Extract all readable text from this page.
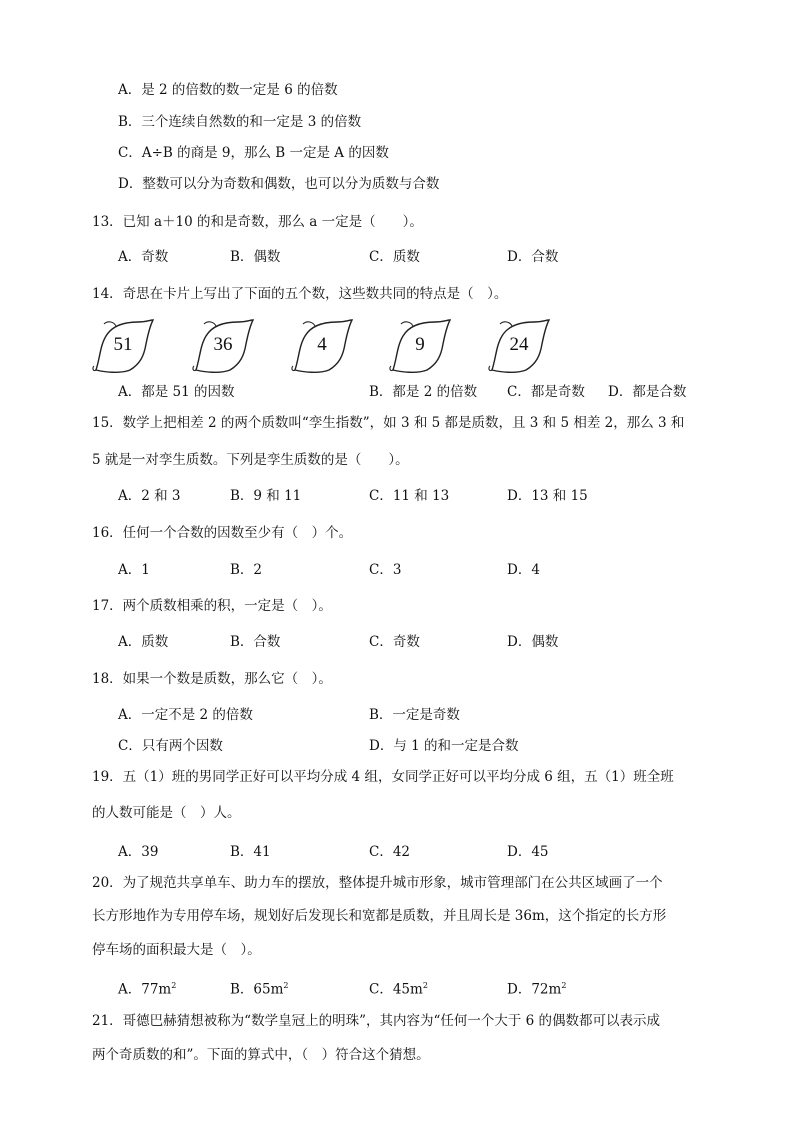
A．是 2 的倍数的数一定是 6 的倍数
B．三个连续自然数的和一定是 3 的倍数
C．A÷B 的商是 9，那么 B 一定是 A 的因数
D．整数可以分为奇数和偶数，也可以分为质数与合数
13．已知 a＋10 的和是奇数，那么 a 一定是（　　）。
A．奇数	B．偶数	C．质数	D．合数
14．奇思在卡片上写出了下面的五个数，这些数共同的特点是（　）。
51	36	4	9	24
A．都是 51 的因数	B．都是 2 的倍数 C．都是奇数 D．都是合数
15．数学上把相差 2 的两个质数叫“孪生指数”，如 3 和 5 都是质数，且 3 和 5 相差 2，那么 3 和
5 就是一对孪生质数。下列是孪生质数的是（　　）。
A．2 和 3	B．9 和 11	C．11 和 13	D．13 和 15
16．任何一个合数的因数至少有（　）个。
A．1	B．2	C．3	D．4
17．两个质数相乘的积，一定是（　）。
A．质数	B．合数	C．奇数	D．偶数
18．如果一个数是质数，那么它（　）。
A．一定不是 2 的倍数	B．一定是奇数
C．只有两个因数	D．与 1 的和一定是合数
19．五（1）班的男同学正好可以平均分成 4 组，女同学正好可以平均分成 6 组，五（1）班全班
的人数可能是（　）人。
A．39	B．41	C．42	D．45
20．为了规范共享单车、助力车的摆放，整体提升城市形象，城市管理部门在公共区域画了一个
长方形地作为专用停车场，规划好后发现长和宽都是质数，并且周长是 36m，这个指定的长方形
停车场的面积最大是（　）。
A．$77m^2$	B．$65m^2$	C．$45m^2$	D．$72m^2$
21．哥德巴赫猜想被称为“数学皇冠上的明珠”，其内容为“任何一个大于 6 的偶数都可以表示成
两个奇质数的和”。下面的算式中，（　）符合这个猜想。
